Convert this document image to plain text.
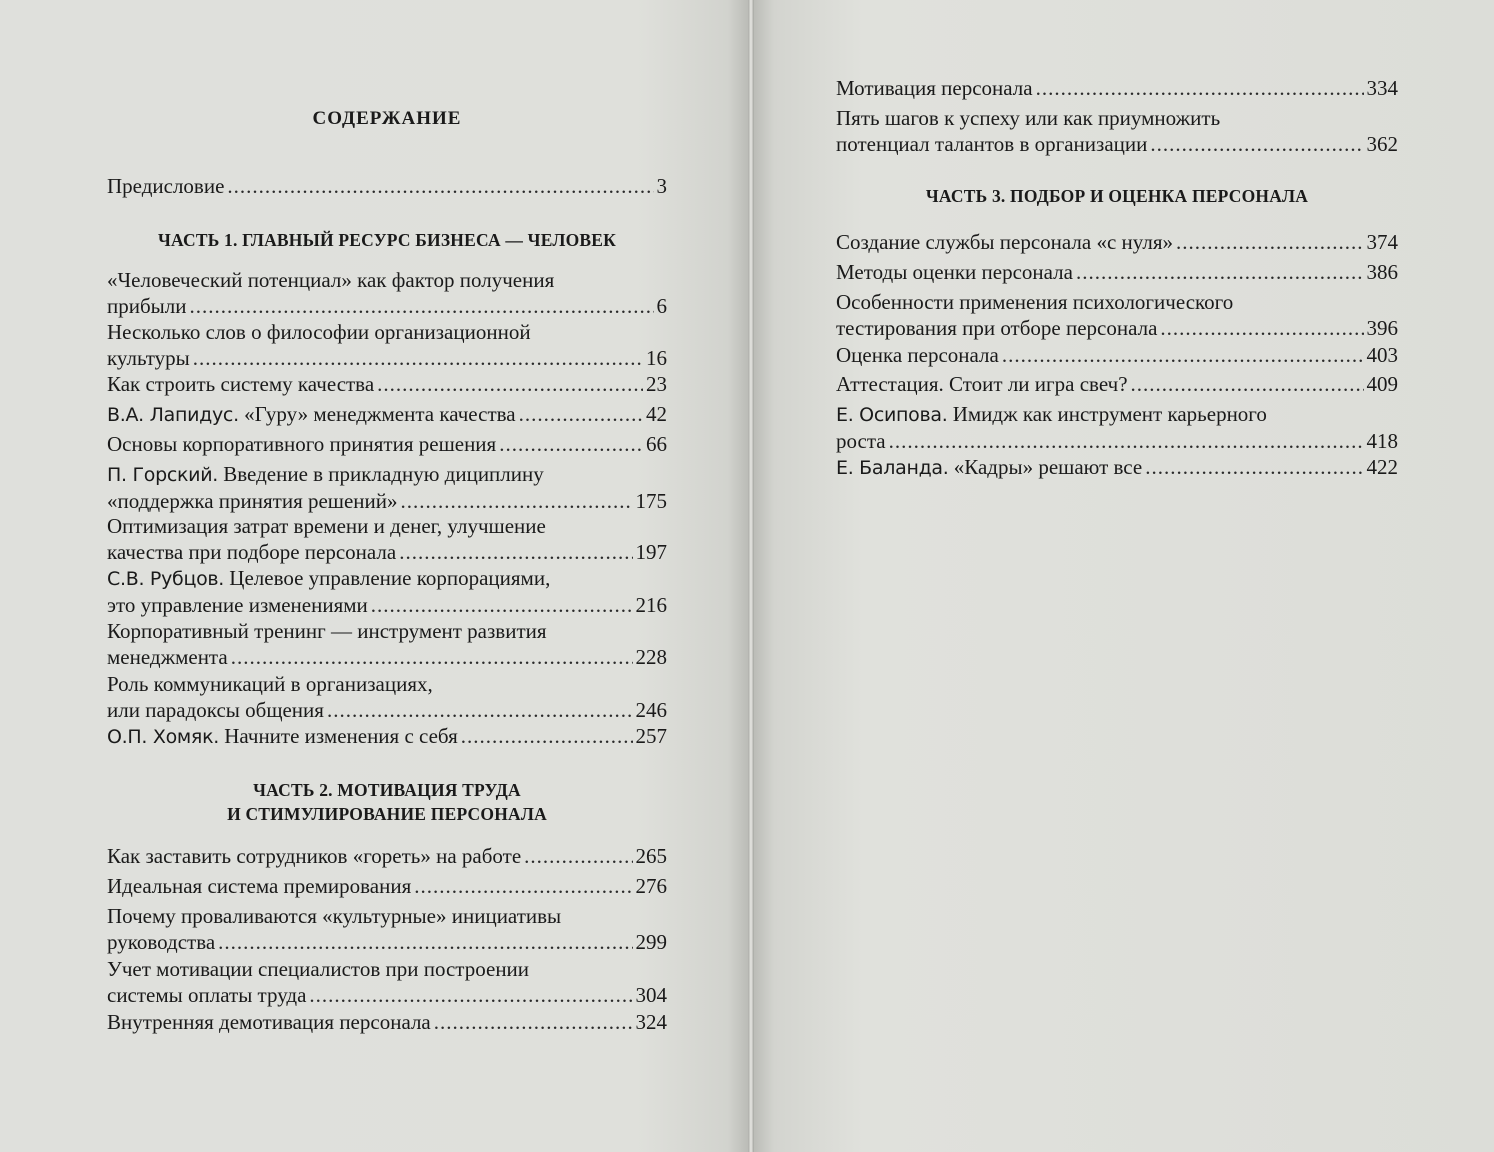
СОДЕРЖАНИЕ
Предисловие .....	3
ЧАСТЬ 1. ГЛАВНЫЙ РЕСУРС БИЗНЕСА — ЧЕЛОВЕК
«Человеческий потенциал» как фактор получения
прибыли .....	6
Несколько слов о философии организационной
культуры .....	16
Как строить систему качества .....	23
В.А. Лапидус. «Гуру» менеджмента качества .....	42
Основы корпоративного принятия решения .....	66
П. Горский. Введение в прикладную дициплину
«поддержка принятия решений» .....	175
Оптимизация затрат времени и денег, улучшение
качества при подборе персонала .....	197
С.В. Рубцов. Целевое управление корпорациями,
это управление изменениями .....	216
Корпоративный тренинг — инструмент развития
менеджмента .....	228
Роль коммуникаций в организациях,
или парадоксы общения .....	246
О.П. Хомяк. Начните изменения с себя .....	257
ЧАСТЬ 2. МОТИВАЦИЯ ТРУДА
И СТИМУЛИРОВАНИЕ ПЕРСОНАЛА
Как заставить сотрудников «гореть» на работе .....	265
Идеальная система премирования .....	276
Почему проваливаются «культурные» инициативы
руководства .....	299
Учет мотивации специалистов при построении
системы оплаты труда .....	304
Внутренняя демотивация персонала .....	324
Мотивация персонала .....	334
Пять шагов к успеху или как приумножить
потенциал талантов в организации .....	362
ЧАСТЬ 3. ПОДБОР И ОЦЕНКА ПЕРСОНАЛА
Создание службы персонала «с нуля» .....	374
Методы оценки персонала .....	386
Особенности применения психологического
тестирования при отборе персонала .....	396
Оценка персонала .....	403
Аттестация. Стоит ли игра свеч? .....	409
Е. Осипова. Имидж как инструмент карьерного
роста .....	418
Е. Баланда. «Кадры» решают все .....	422
